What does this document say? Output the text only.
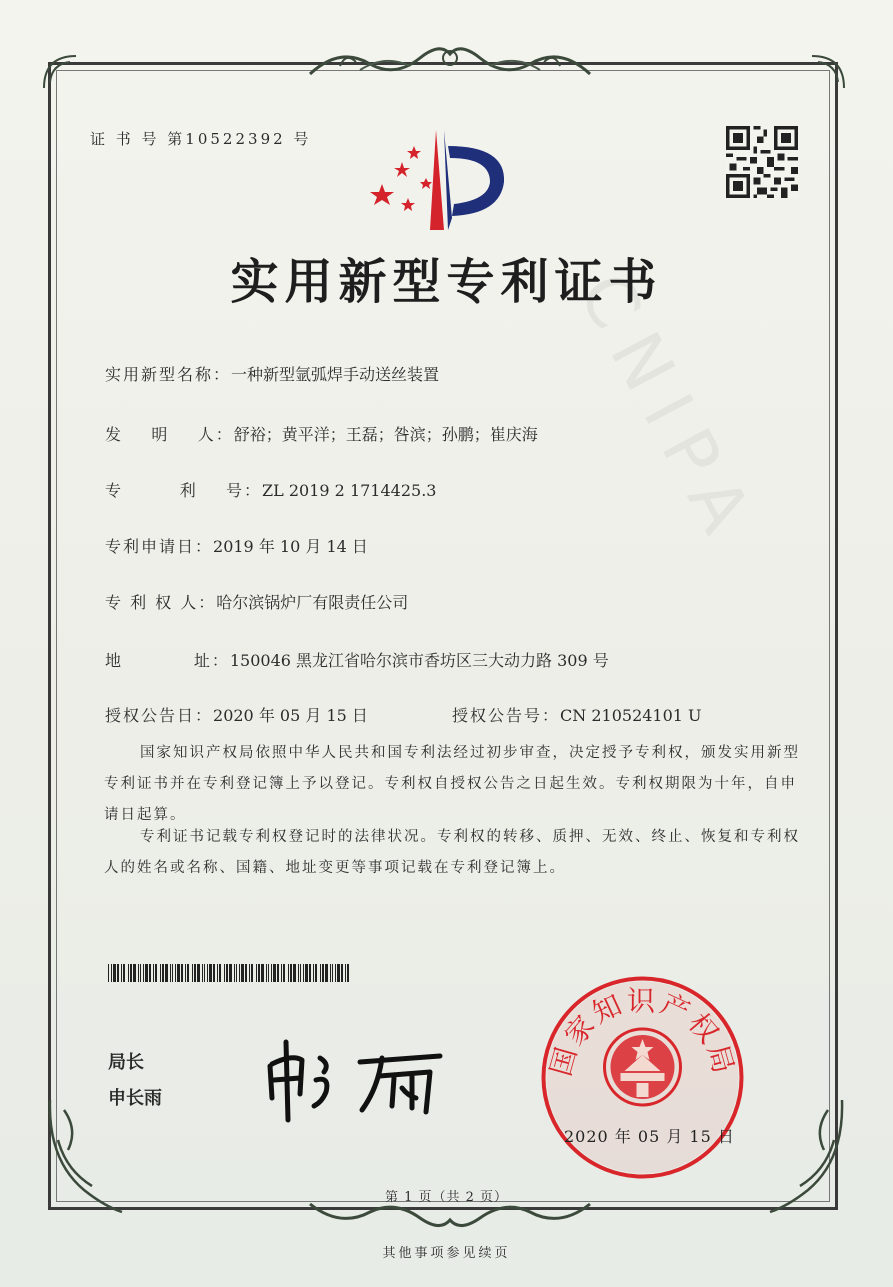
CNIPA
证 书 号 第10522392 号
实用新型专利证书
实用新型名称：一种新型氩弧焊手动送丝装置
发    明    人：舒裕；黄平洋；王磊；咎滨；孙鹏；崔庆海
专        利    号：ZL 2019 2 1714425.3
专利申请日：2019 年 10 月 14 日
专 利 权 人：哈尔滨锅炉厂有限责任公司
地          址：150046 黑龙江省哈尔滨市香坊区三大动力路 309 号
授权公告日：2020 年 05 月 15 日	授权公告号：CN 210524101 U
国家知识产权局依照中华人民共和国专利法经过初步审查，决定授予专利权，颁发实用新型专利证书并在专利登记簿上予以登记。专利权自授权公告之日起生效。专利权期限为十年，自申请日起算。
专利证书记载专利权登记时的法律状况。专利权的转移、质押、无效、终止、恢复和专利权人的姓名或名称、国籍、地址变更等事项记载在专利登记簿上。
局长
申长雨
国家知识产权局
2020 年 05 月 15 日
第 1 页（共 2 页）
其他事项参见续页
